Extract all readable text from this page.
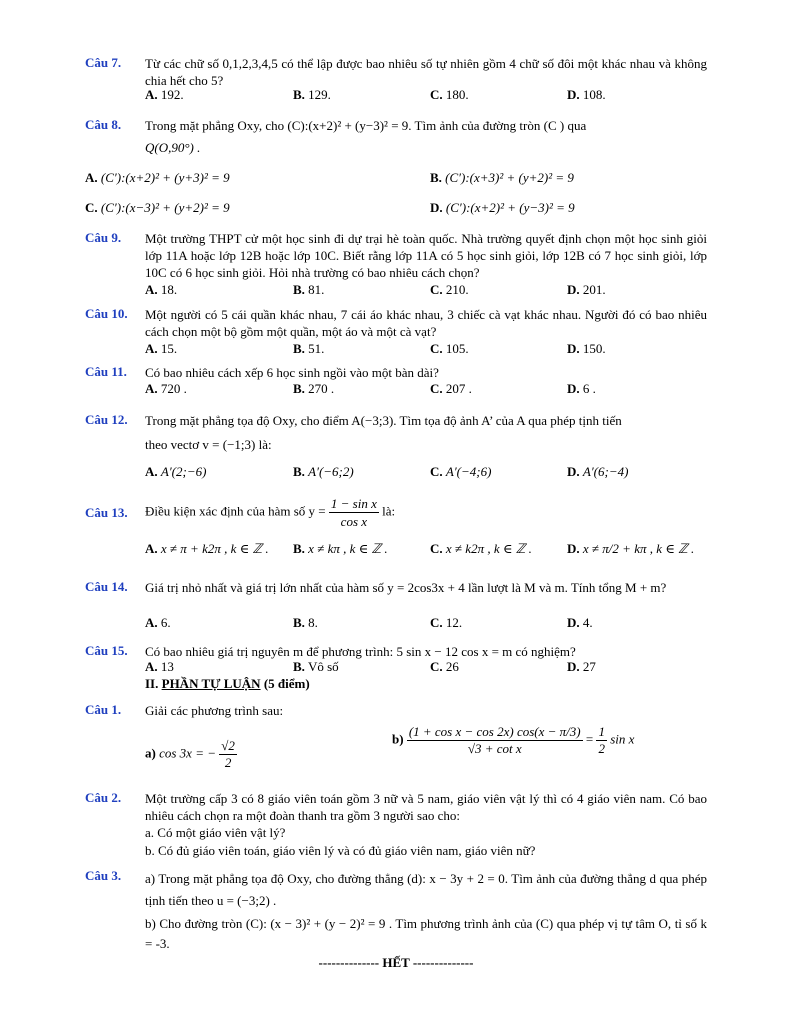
Câu 7. Từ các chữ số 0,1,2,3,4,5 có thể lập được bao nhiêu số tự nhiên gồm 4 chữ số đôi một khác nhau và không chia hết cho 5?
A. 192.	B. 129.	C. 180.	D. 108.
Câu 8. Trong mặt phẳng Oxy, cho (C):(x+2)² + (y−3)² = 9. Tìm ảnh của đường tròn (C ) qua
Q(O,90°) .
A. (C′):(x+2)² + (y+3)² = 9	B. (C′):(x+3)² + (y+2)² = 9
C. (C′):(x−3)² + (y+2)² = 9	D. (C′):(x+2)² + (y−3)² = 9
Câu 9. Một trường THPT cử một học sinh đi dự trại hè toàn quốc. Nhà trường quyết định chọn một học sinh giỏi lớp 11A hoặc lớp 12B hoặc lớp 10C. Biết rằng lớp 11A có 5 học sinh giỏi, lớp 12B có 7 học sinh giỏi, lớp 10C có 6 học sinh giỏi. Hỏi nhà trường có bao nhiêu cách chọn?
A. 18.	B. 81.	C. 210.	D. 201.
Câu 10. Một người có 5 cái quần khác nhau, 7 cái áo khác nhau, 3 chiếc cà vạt khác nhau. Người đó có bao nhiêu cách chọn một bộ gồm một quần, một áo và một cà vạt?
A. 15.	B. 51.	C. 105.	D. 150.
Câu 11. Có bao nhiêu cách xếp 6 học sinh ngồi vào một bàn dài?
A. 720 .	B. 270 .	C. 207 .	D. 6 .
Câu 12. Trong mặt phẳng tọa độ Oxy, cho điểm A(−3;3). Tìm tọa độ ảnh A’ của A qua phép tịnh tiến
theo vectơ v = (−1;3) là:
A. A′(2;−6)	B. A′(−6;2)	C. A′(−4;6)	D. A′(6;−4)
Câu 13. Điều kiện xác định của hàm số $y = \frac{\text{1 − sin x}}{\text{cos x}}$ là:
A. x ≠ π + k2π , k ∈ ℤ . B. x ≠ kπ , k ∈ ℤ .	C. x ≠ k2π , k ∈ ℤ .	D. x ≠ π/2 + kπ , k ∈ ℤ .
Câu 14. Giá trị nhỏ nhất và giá trị lớn nhất của hàm số y = 2cos3x + 4 lần lượt là M và m. Tính tổng M + m?
A. 6.	B. 8.	C. 12.	D. 4.
Câu 15. Có bao nhiêu giá trị nguyên m để phương trình: 5 sin x − 12 cos x = m có nghiệm?
A. 13	B. Vô số	C. 26	D. 27
II. PHẦN TỰ LUẬN (5 điểm)
Câu 1. Giải các phương trình sau:
a) cos 3x = − $\frac{√2}{2}$	$b) \frac{\text{(1 + cos x − cos 2x) cos(x − π/3)}}{\text{√3 + cot x}} = \frac{1}{2}$ sin x
Câu 2. Một trường cấp 3 có 8 giáo viên toán gồm 3 nữ và 5 nam, giáo viên vật lý thì có 4 giáo viên nam. Có bao nhiêu cách chọn ra một đoàn thanh tra gồm 3 người sao cho:
a. Có một giáo viên vật lý?
b. Có đủ giáo viên toán, giáo viên lý và có đủ giáo viên nam, giáo viên nữ?
Câu 3. a) Trong mặt phẳng tọa độ Oxy, cho đường thẳng (d): x − 3y + 2 = 0. Tìm ảnh của đường thẳng d qua phép tịnh tiến theo u = (−3;2) .
b) Cho đường tròn (C): (x − 3)² + (y − 2)² = 9 . Tìm phương trình ảnh của (C) qua phép vị tự tâm O, tỉ số k = -3.
-------------- HẾT --------------
